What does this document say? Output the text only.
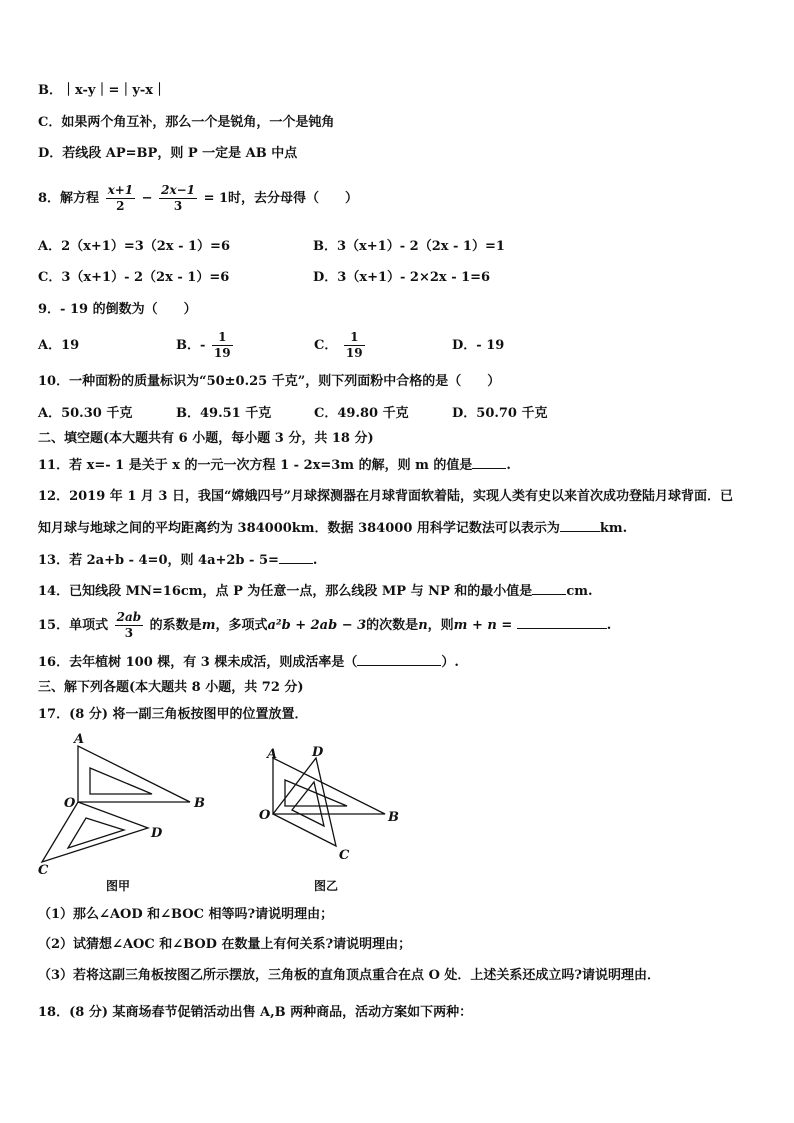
B．｜x-y｜=｜y-x｜
C．如果两个角互补，那么一个是锐角，一个是钝角
D．若线段 AP=BP，则 P 一定是 AB 中点
8．解方程 $\frac{x+1}{2} - \frac{2x-1}{3} = 1$时，去分母得（　　）
A．2（x+1）=3（2x - 1）=6	B．3（x+1）- 2（2x - 1）=1
C．3（x+1）- 2（2x - 1）=6	D．3（x+1）- 2×2x - 1=6
9．- 19 的倒数为（　　）
A．19	B．- $\frac{1}{19}$	C． $\frac{1}{19}$	D．- 19
10．一种面粉的质量标识为“50±0.25 千克”，则下列面粉中合格的是（　　）
A．50.30 千克	B．49.51 千克	C．49.80 千克	D．50.70 千克
二、填空题(本大题共有 6 小题，每小题 3 分，共 18 分)
11．若 x=- 1 是关于 x 的一元一次方程 1 - 2x=3m 的解，则 m 的值是	.
12．2019 年 1 月 3 日，我国“嫦娥四号”月球探测器在月球背面软着陆，实现人类有史以来首次成功登陆月球背面．已
知月球与地球之间的平均距离约为 384000km．数据 384000 用科学记数法可以表示为	km.
13．若 2a+b - 4=0，则 4a+2b - 5=	.
14．已知线段 MN=16cm，点 P 为任意一点，那么线段 MP 与 NP 和的最小值是	cm.
15．单项式 $\frac{2ab}{3}$ 的系数是m，多项式a²b + 2ab − 3的次数是n，则m + n =	.
16．去年植树 100 棵，有 3 棵未成活，则成活率是（	）.
三、解下列各题(本大题共 8 小题，共 72 分)
17．(8 分) 将一副三角板按图甲的位置放置．
A
O	B
D
C
A	D
O	B
C
图甲	图乙
（1）那么∠AOD 和∠BOC 相等吗?请说明理由；
（2）试猜想∠AOC 和∠BOD 在数量上有何关系?请说明理由；
（3）若将这副三角板按图乙所示摆放，三角板的直角顶点重合在点 O 处．上述关系还成立吗?请说明理由．
18．(8 分) 某商场春节促销活动出售 A,B 两种商品，活动方案如下两种：
